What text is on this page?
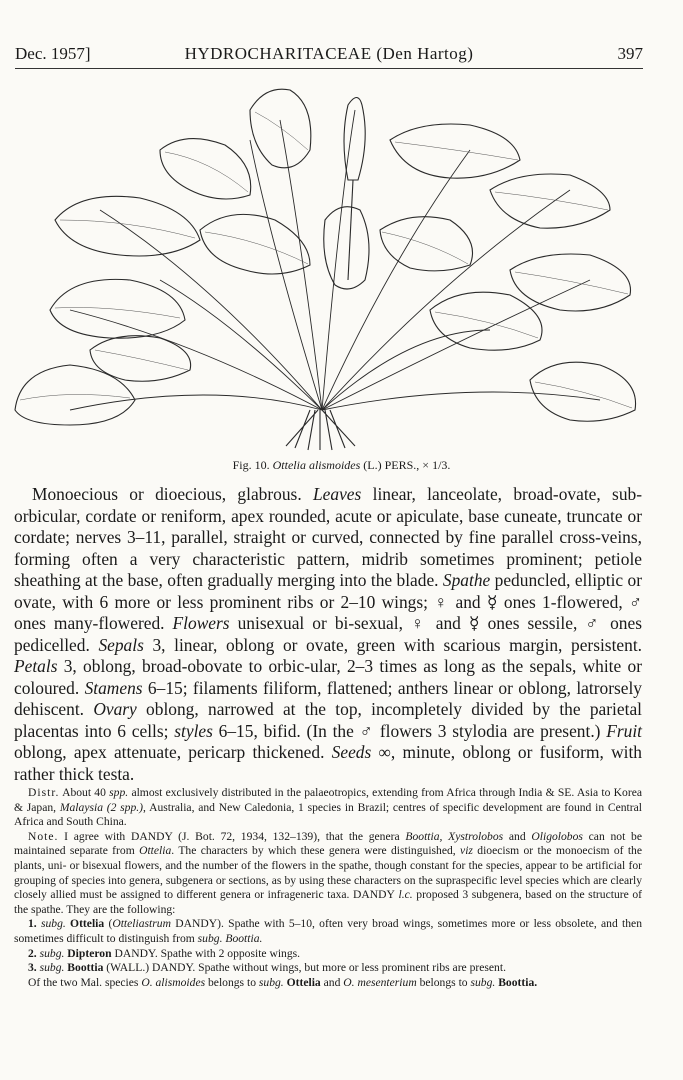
Dec. 1957]	HYDROCHARITACEAE (Den Hartog)	397
Fig. 10. Ottelia alismoides (L.) PERS., × 1/3.

Monoecious or dioecious, glabrous. Leaves linear, lanceolate, broad-ovate, sub-orbicular, cordate or reniform, apex rounded, acute or apiculate, base cuneate, truncate or cordate; nerves 3–11, parallel, straight or curved, connected by fine parallel cross-veins, forming often a very characteristic pattern, midrib sometimes prominent; petiole sheathing at the base, often gradually merging into the blade. Spathe peduncled, elliptic or ovate, with 6 more or less prominent ribs or 2–10 wings; ♀ and ☿ ones 1-flowered, ♂ ones many-flowered. Flowers unisexual or bi-sexual, ♀ and ☿ ones sessile, ♂ ones pedicelled. Sepals 3, linear, oblong or ovate, green with scarious margin, persistent. Petals 3, oblong, broad-obovate to orbic-ular, 2–3 times as long as the sepals, white or coloured. Stamens 6–15; filaments filiform, flattened; anthers linear or oblong, latrorsely dehiscent. Ovary oblong, narrowed at the top, incompletely divided by the parietal placentas into 6 cells; styles 6–15, bifid. (In the ♂ flowers 3 stylodia are present.) Fruit oblong, apex attenuate, pericarp thickened. Seeds ∞, minute, oblong or fusiform, with rather thick testa.

Distr. About 40 spp. almost exclusively distributed in the palaeotropics, extending from Africa through India & SE. Asia to Korea & Japan, Malaysia (2 spp.), Australia, and New Caledonia, 1 species in Brazil; centres of specific development are found in Central Africa and South China.

Note. I agree with DANDY (J. Bot. 72, 1934, 132–139), that the genera Boottia, Xystrolobos and Oligolobos can not be maintained separate from Ottelia. The characters by which these genera were distinguished, viz dioecism or the monoecism of the plants, uni- or bisexual flowers, and the number of the flowers in the spathe, though constant for the species, appear to be artificial for grouping of species into genera, subgenera or sections, as by using these characters on the supraspecific level species which are clearly closely allied must be assigned to different genera or infrageneric taxa. DANDY l.c. proposed 3 subgenera, based on the structure of the spathe. They are the following:

1. subg. Ottelia (Otteliastrum DANDY). Spathe with 5–10, often very broad wings, sometimes more or less obsolete, and then sometimes difficult to distinguish from subg. Boottia.

2. subg. Dipteron DANDY. Spathe with 2 opposite wings.

3. subg. Boottia (WALL.) DANDY. Spathe without wings, but more or less prominent ribs are present.

Of the two Mal. species O. alismoides belongs to subg. Ottelia and O. mesenterium belongs to subg. Boottia.
